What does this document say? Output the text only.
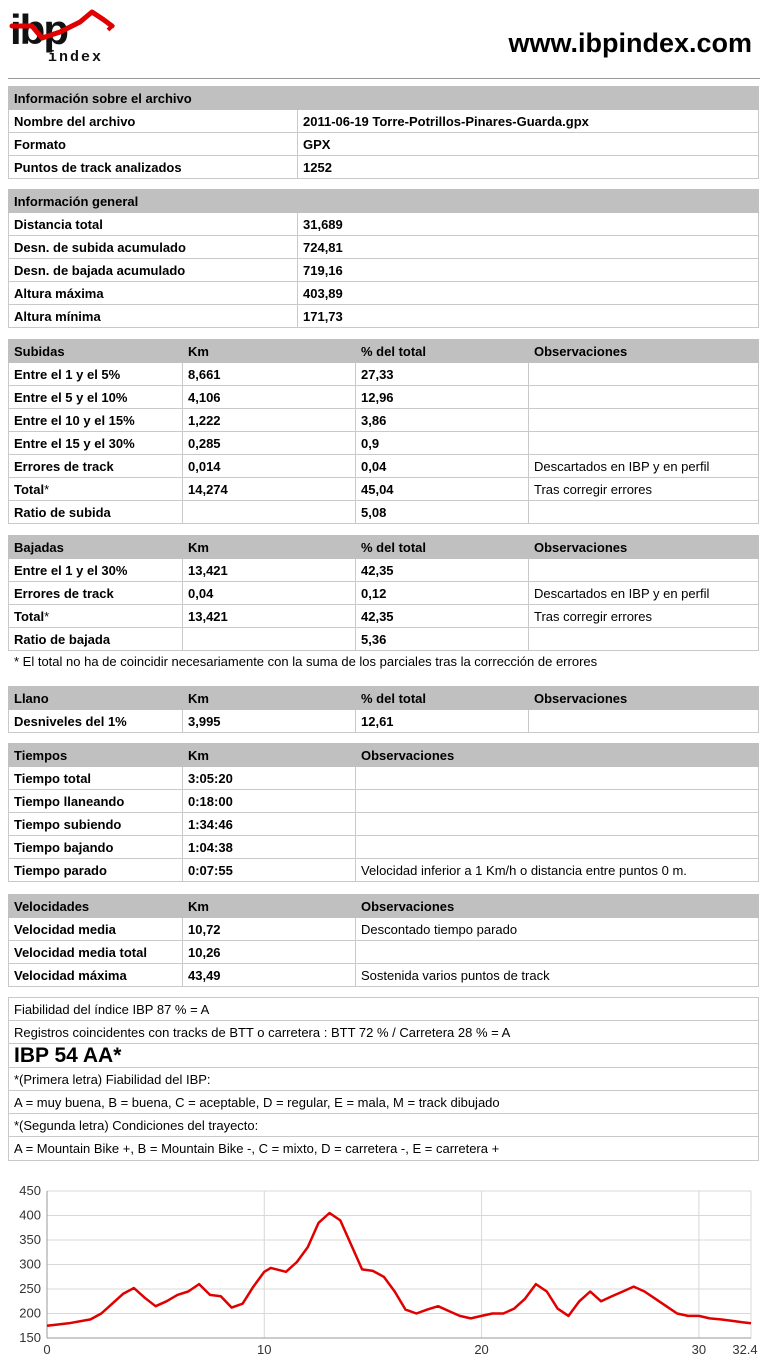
ibp
index	www.ibpindex.com
Información sobre el archivo	
Nombre del archivo	2011-06-19 Torre-Potrillos-Pinares-Guarda.gpx
Formato	GPX
Puntos de track analizados	1252
Información general	
Distancia total	31,689
Desn. de subida acumulado	724,81
Desn. de bajada acumulado	719,16
Altura máxima	403,89
Altura mínima	171,73
Subidas	Km	% del total	Observaciones
Entre el 1 y el 5%	8,661	27,33	
Entre el 5 y el 10%	4,106	12,96	
Entre el 10 y el 15%	1,222	3,86	
Entre el 15 y el 30%	0,285	0,9	
Errores de track	0,014	0,04	Descartados en IBP y en perfil
Total*	14,274	45,04	Tras corregir errores
Ratio de subida		5,08	
Bajadas	Km	% del total	Observaciones
Entre el 1 y el 30%	13,421	42,35	
Errores de track	0,04	0,12	Descartados en IBP y en perfil
Total*	13,421	42,35	Tras corregir errores
Ratio de bajada		5,36	
* El total no ha de coincidir necesariamente con la suma de los parciales tras la corrección de errores
Llano	Km	% del total	Observaciones
Desniveles del 1%	3,995	12,61	
Tiempos	Km	Observaciones
Tiempo total	3:05:20	
Tiempo llaneando	0:18:00	
Tiempo subiendo	1:34:46	
Tiempo bajando	1:04:38	
Tiempo parado	0:07:55	Velocidad inferior a 1 Km/h o distancia entre puntos 0 m.
Velocidades	Km	Observaciones
Velocidad media	10,72	Descontado tiempo parado
Velocidad media total	10,26	
Velocidad máxima	43,49	Sostenida varios puntos de track
Fiabilidad del índice IBP 87 % = A
Registros coincidentes con tracks de BTT o carretera : BTT 72 % / Carretera 28 % = A
IBP 54 AA*
*(Primera letra) Fiabilidad del IBP:
A = muy buena, B = buena, C = aceptable, D = regular, E = mala, M = track dibujado
*(Segunda letra) Condiciones del trayecto:
A = Mountain Bike +, B = Mountain Bike -, C = mixto, D = carretera -, E = carretera +
150
200
250
300
350
400
450
0	10	20	30 32.4
